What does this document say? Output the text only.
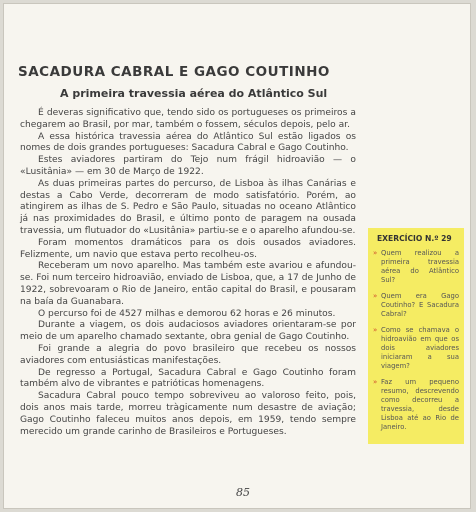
SACADURA CABRAL E GAGO COUTINHO
A primeira travessia aérea do Atlântico Sul

É deveras significativo que, tendo sido os portugueses os primeiros a chegarem ao Brasil, por mar, também o fossem, séculos depois, pelo ar.

A essa histórica travessia aérea do Atlântico Sul estão ligados os nomes de dois grandes portugueses: Sacadura Cabral e Gago Coutinho.

Estes aviadores partiram do Tejo num frágil hidroavião — o «Lusitânia» — em 30 de Março de 1922.

As duas primeiras partes do percurso, de Lisboa às ilhas Canárias e destas a Cabo Verde, decorreram de modo satisfatório. Porém, ao atingirem as ilhas de S. Pedro e São Paulo, situadas no oceano Atlântico já nas proximidades do Brasil, e último ponto de paragem na ousada travessia, um flutuador do «Lusitânia» partiu-se e o aparelho afundou-se.

Foram momentos dramáticos para os dois ousados aviadores. Felizmente, um navio que estava perto recolheu-os.

Receberam um novo aparelho. Mas também este avariou e afundou-se. Foi num terceiro hidroavião, enviado de Lisboa, que, a 17 de Junho de 1922, sobrevoaram o Rio de Janeiro, então capital do Brasil, e pousaram na baía da Guanabara.

O percurso foi de 4527 milhas e demorou 62 horas e 26 minutos.

Durante a viagem, os dois audaciosos aviadores orientaram-se por meio de um aparelho chamado sextante, obra genial de Gago Coutinho.

Foi grande a alegria do povo brasileiro que recebeu os nossos aviadores com entusiásticas manifestações.

De regresso a Portugal, Sacadura Cabral e Gago Coutinho foram também alvo de vibrantes e patrióticas homenagens.

Sacadura Cabral pouco tempo sobreviveu ao valoroso feito, pois, dois anos mais tarde, morreu tràgicamente num desastre de aviação; Gago Coutinho faleceu muitos anos depois, em 1959, tendo sempre merecido um grande carinho de Brasileiros e Portugueses.

EXERCÍCIO N.º 29
» Quem realizou a primeira travessia aérea do Atlântico Sul?
» Quem era Gago Coutinho? E Sacadura Cabral?
» Como se chamava o hidroavião em que os dois aviadores iniciaram a sua viagem?
» Faz um pequeno resumo, descrevendo como decorreu a travessia, desde Lisboa até ao Rio de Janeiro.
85
